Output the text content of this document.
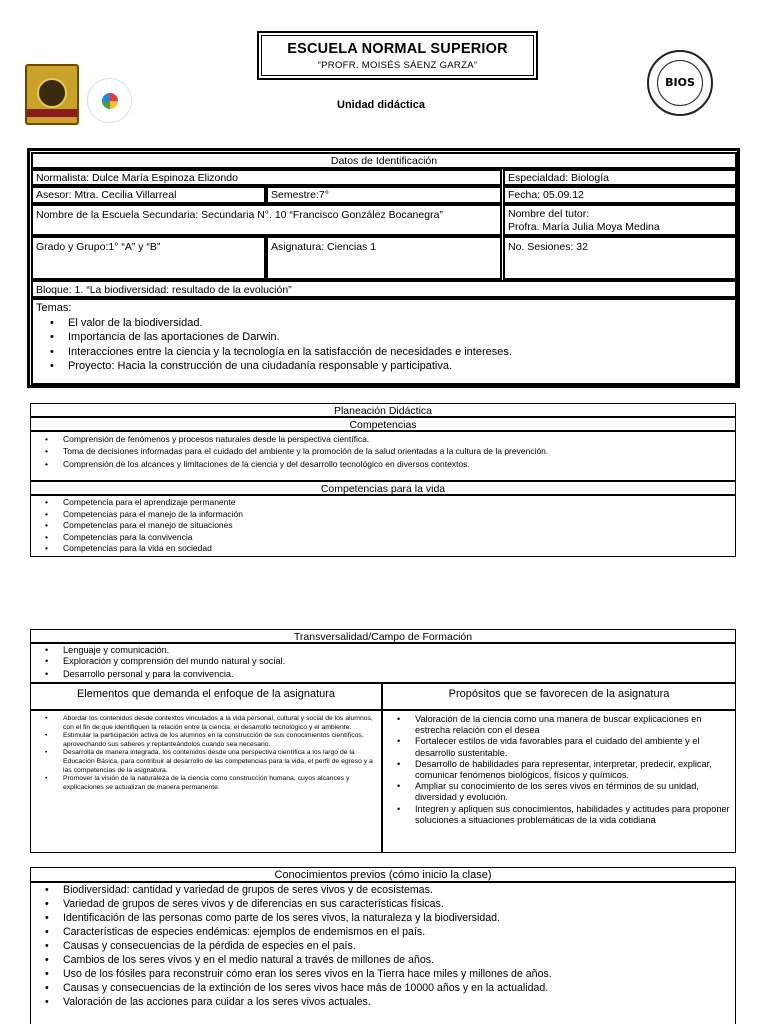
ESCUELA NORMAL SUPERIOR
“PROFR. MOISÉS SÁENZ GARZA”
BIOS
Unidad didáctica
Datos de Identificación
Normalista: Dulce María Espinoza Elizondo	Especialdad: Biología
Asesor: Mtra. Cecilia Villarreal	Semestre:7°	Fecha: 05.09.12
Nombre de la Escuela Secundaria: Secundaria N°. 10 “Francisco González Bocanegra”	Nombre del tutor:
Profra. María Julia Moya Medina
Grado y Grupo:1° “A” y “B”	Asignatura: Ciencias 1	No. Sesiones: 32
Bloque: 1. “La biodiversidad: resultado de la evolución”
Temas:
• El valor de la biodiversidad.
• Importancia de las aportaciones de Darwin.
• Interacciones entre la ciencia y la tecnología en la satisfacción de necesidades e intereses.
• Proyecto: Hacia la construcción de una ciudadanía responsable y participativa.
Planeación Didáctica
Competencias
• Comprensión de fenómenos y procesos naturales desde la perspectiva científica.
• Toma de decisiones informadas para el cuidado del ambiente y la promoción de la salud orientadas a la cultura de la prevención.
• Comprensión de los alcances y limitaciones de la ciencia y del desarrollo tecnológico en diversos contextos.
Competencias para la vida
• Competencia para el aprendizaje permanente
• Competencias para el manejo de la información
• Competencias para el manejo de situaciones
• Competencias para la convivencia
• Competencias para la vida en sociedad
Transversalidad/Campo de Formación
• Lenguaje y comunicación.
• Exploración y comprensión del mundo natural y social.
• Desarrollo personal y para la convivencia.
Elementos que demanda el enfoque de la asignatura	Propósitos que se favorecen de la asignatura
• Abordar los contenidos desde contextos vinculados a la vida personal, cultural y social de los alumnos, con el fin de que identifiquen la relación entre la ciencia, el desarrollo tecnológico y el ambiente.
• Estimular la participación activa de los alumnos en la construcción de sus conocimientos científicos, aprovechando sus saberes y replanteándolos cuando sea necesario.
• Desarrolla de manera integrada, los contenidos desde una perspectiva científica a los largo de la Educación Básica, para contribuir al desarrollo de las competencias para la vida, el perfil de egreso y a las competencias de la asignatura.
• Promover la visión de la naturaleza de la ciencia como construcción humana, cuyos alcances y explicaciones se actualizan de manera permanente.
• Valoración de la ciencia como una manera de buscar explicaciones en estrecha relación con el desea
• Fortalecer estilos de vida favorables para el cuidado del ambiente y el desarrollo sustentable.
• Desarrollo de habilidades para representar, interpretar, predecir, explicar, comunicar fenómenos biológicos, físicos y químicos.
• Ampliar su conocimiento de los seres vivos en términos de su unidad, diversidad y evolución.
• Integren y apliquen sus conocimientos, habilidades y actitudes para proponer soluciones a situaciones problemáticas de la vida cotidiana
Conocimientos previos (cómo inicio la clase)
• Biodiversidad: cantidad y variedad de grupos de seres vivos y de ecosistemas.
• Variedad de grupos de seres vivos y de diferencias en sus características físicas.
• Identificación de las personas como parte de los seres vivos, la naturaleza y la biodiversidad.
• Características de especies endémicas: ejemplos de endemismos en el país.
• Causas y consecuencias de la pérdida de especies en el país.
• Cambios de los seres vivos y en el medio natural a través de millones de años.
• Uso de los fósiles para reconstruir cómo eran los seres vivos en la Tierra hace miles y millones de años.
• Causas y consecuencias de la extinción de los seres vivos hace más de 10000 años y en la actualidad.
• Valoración de las acciones para cuidar a los seres vivos actuales.
